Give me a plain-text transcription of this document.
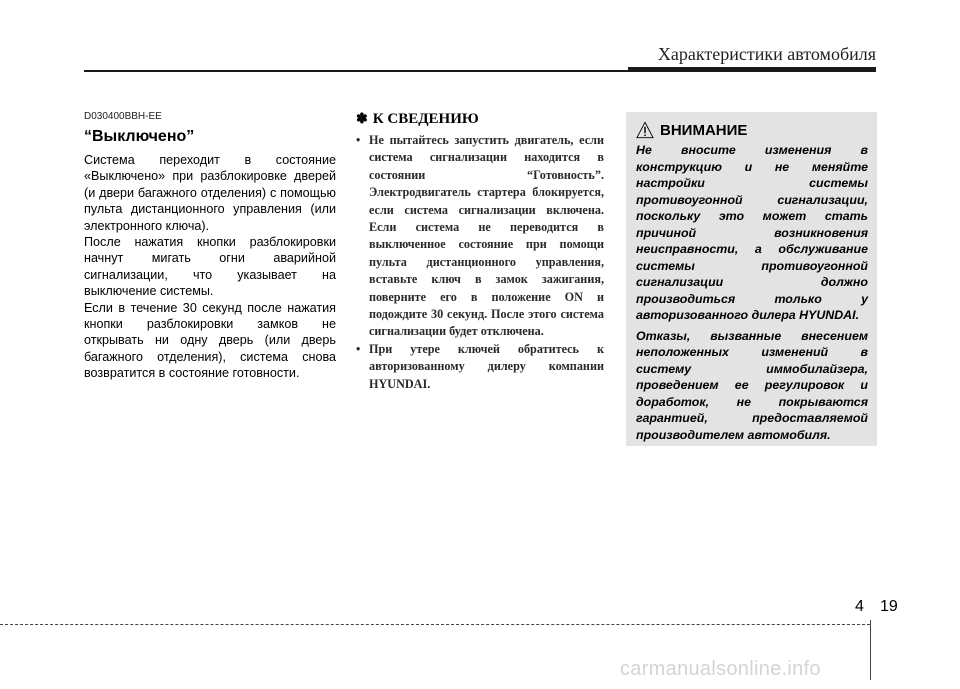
Характеристики автомобиля
D030400BBH-EE
“Выключено”

Система переходит в состояние «Выключено» при разблокировке дверей (и двери багажного отделения) с помощью пульта дистанционного управления (или электронного ключа).

После нажатия кнопки разблокировки начнут мигать огни аварийной сигнализации, что указывает на выключение системы.

Если в течение 30 секунд после нажатия кнопки разблокировки замков не открывать ни одну дверь (или дверь багажного отделения), система снова возвратится в состояние готовности.

✽ К СВЕДЕНИЮ
• Не пытайтесь запустить двигатель, если система сигнализации находится в состоянии “Готовность”. Электродвигатель стартера блокируется, если система сигнализации включена. Если система не переводится в выключенное состояние при помощи пульта дистанционного управления, вставьте ключ в замок зажигания, поверните его в положение ON и подождите 30 секунд. После этого система сигнализации будет отключена.
• При утере ключей обратитесь к авторизованному дилеру компании HYUNDAI.
ВНИМАНИЕ

Не вносите изменения в конструкцию и не меняйте настройки системы противоугонной сигнализации, поскольку это может стать причиной возникновения неисправности, а обслуживание системы противоугонной сигнализации должно производиться только у авторизованного дилера HYUNDAI.

Отказы, вызванные внесением неположенных изменений в систему иммобилайзера, проведением ее регулировок и доработок, не покрываются гарантией, предоставляемой производителем автомобиля.

4 19
carmanualsonline.info
